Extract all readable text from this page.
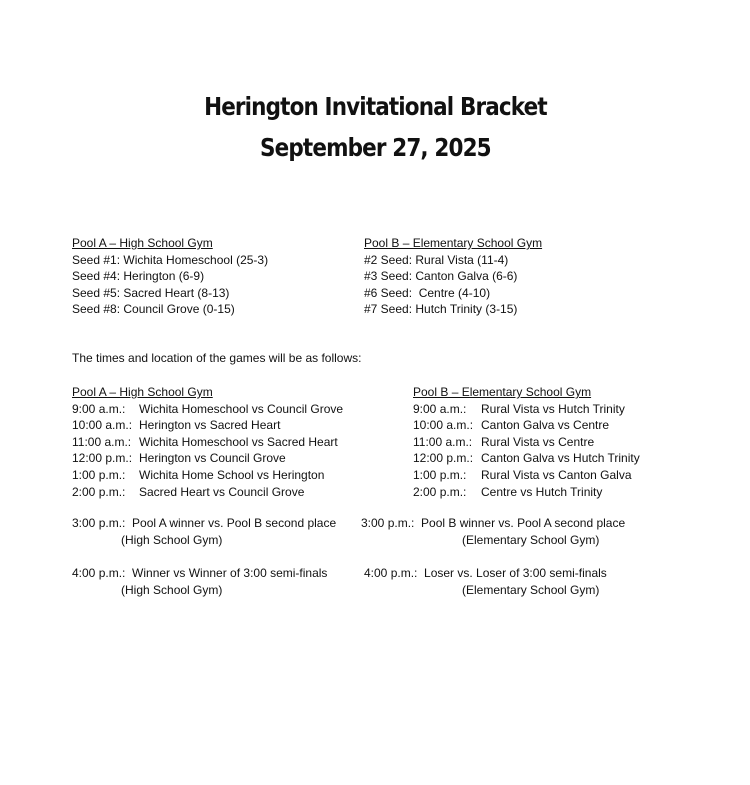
Herington Invitational Bracket
September 27, 2025
Pool A – High School Gym
Seed #1: Wichita Homeschool (25-3)
Seed #4: Herington (6-9)
Seed #5: Sacred Heart (8-13)
Seed #8: Council Grove (0-15)
Pool B – Elementary School Gym
#2 Seed: Rural Vista (11-4)
#3 Seed: Canton Galva (6-6)
#6 Seed:  Centre (4-10)
#7 Seed: Hutch Trinity (3-15)
The times and location of the games will be as follows:
Pool A – High School Gym
9:00 a.m.: Wichita Homeschool vs Council Grove
10:00 a.m.: Herington vs Sacred Heart
11:00 a.m.: Wichita Homeschool vs Sacred Heart
12:00 p.m.: Herington vs Council Grove
1:00 p.m.: Wichita Home School vs Herington
2:00 p.m.: Sacred Heart vs Council Grove
Pool B – Elementary School Gym
9:00 a.m.: Rural Vista vs Hutch Trinity
10:00 a.m.: Canton Galva vs Centre
11:00 a.m.: Rural Vista vs Centre
12:00 p.m.: Canton Galva vs Hutch Trinity
1:00 p.m.: Rural Vista vs Canton Galva
2:00 p.m.: Centre vs Hutch Trinity
3:00 p.m.:  Pool A winner vs. Pool B second place
(High School Gym)
3:00 p.m.:  Pool B winner vs. Pool A second place
(Elementary School Gym)
4:00 p.m.:  Winner vs Winner of 3:00 semi-finals
(High School Gym)
4:00 p.m.:  Loser vs. Loser of 3:00 semi-finals
(Elementary School Gym)
